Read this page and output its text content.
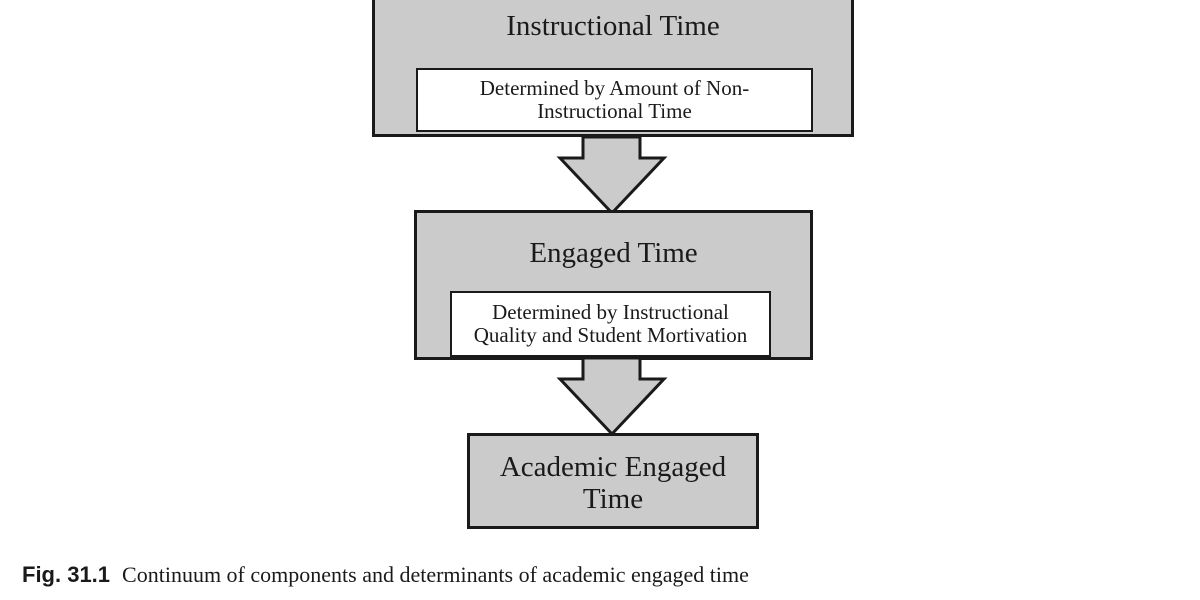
Instructional Time
Determined by Amount of Non-
Instructional Time
Engaged Time
Determined by Instructional
Quality and Student Mortivation
Academic Engaged
Time
Fig. 31.1 Continuum of components and determinants of academic engaged time
